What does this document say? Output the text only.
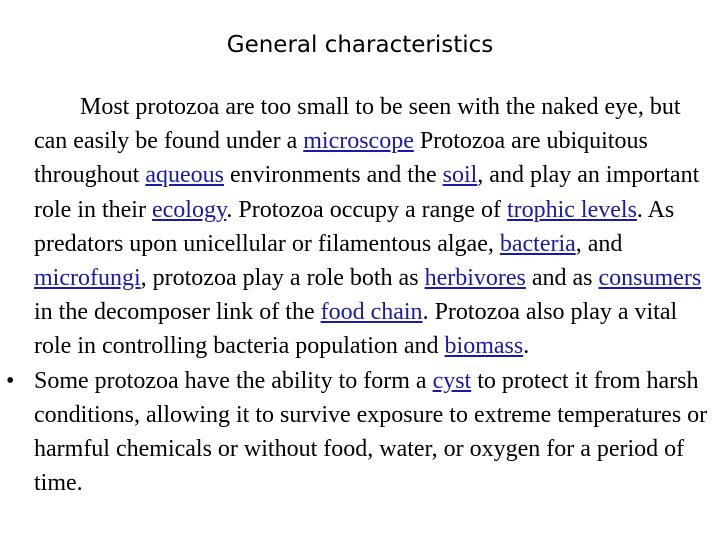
General characteristics

Most protozoa are too small to be seen with the naked eye, but can easily be found under a microscope Protozoa are ubiquitous throughout aqueous environments and the soil, and play an important role in their ecology. Protozoa occupy a range of trophic levels. As predators upon unicellular or filamentous algae, bacteria, and microfungi, protozoa play a role both as herbivores and as consumers in the decomposer link of the food chain. Protozoa also play a vital role in controlling bacteria population and biomass.

• Some protozoa have the ability to form a cyst to protect it from harsh conditions, allowing it to survive exposure to extreme temperatures or harmful chemicals or without food, water, or oxygen for a period of time.
